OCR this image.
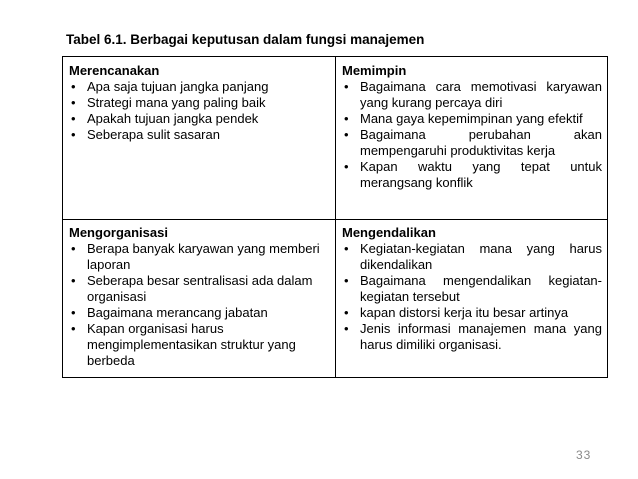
Tabel 6.1. Berbagai keputusan dalam fungsi manajemen
Merencanakan
• Apa saja tujuan jangka panjang
• Strategi mana yang paling baik
• Apakah tujuan jangka pendek
• Seberapa sulit sasaran
Memimpin
• Bagaimana cara memotivasi karyawan yang kurang percaya diri
• Mana gaya kepemimpinan yang efektif
• Bagaimana perubahan akan mempengaruhi produktivitas kerja
• Kapan waktu yang tepat untuk merangsang konflik
Mengorganisasi
• Berapa banyak karyawan yang memberi laporan
• Seberapa besar sentralisasi ada dalam organisasi
• Bagaimana merancang jabatan
• Kapan organisasi harus mengimplementasikan struktur yang berbeda
Mengendalikan
• Kegiatan-kegiatan mana yang harus dikendalikan
• Bagaimana mengendalikan kegiatan-kegiatan tersebut
• kapan distorsi kerja itu besar artinya
• Jenis informasi manajemen mana yang harus dimiliki organisasi.
33
